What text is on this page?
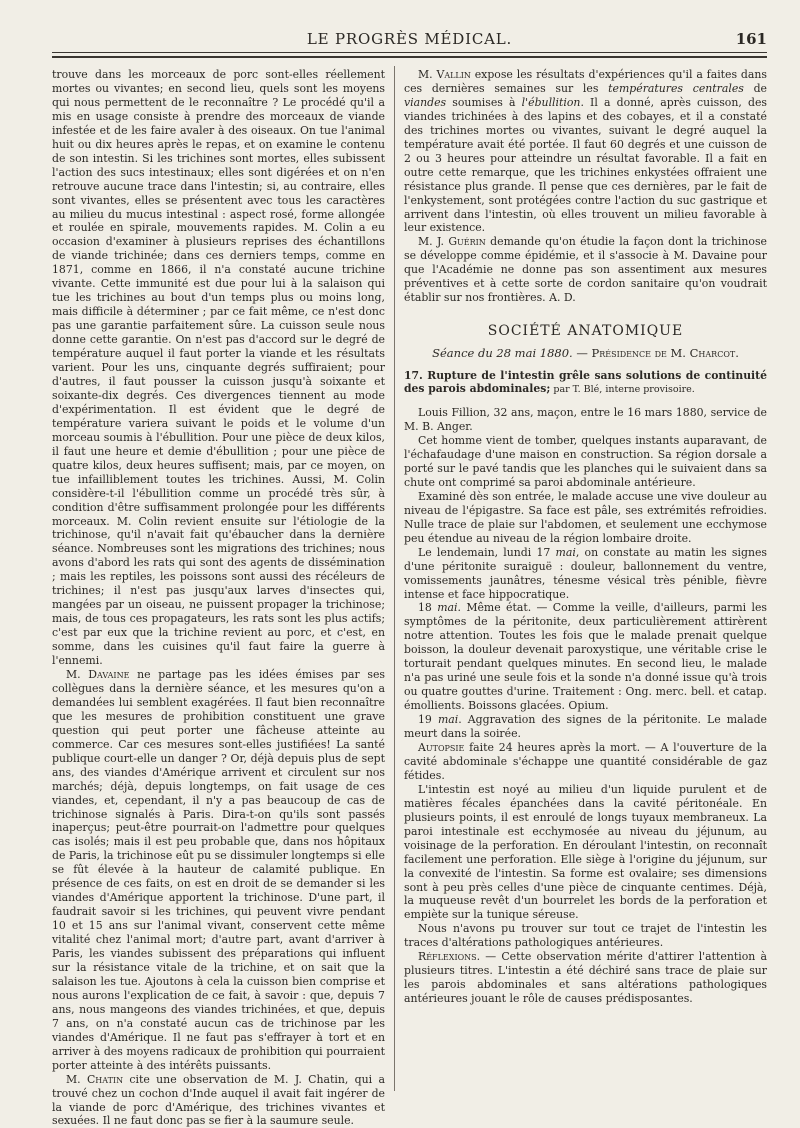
LE PROGRÈS MÉDICAL.	161

trouve dans les morceaux de porc sont-elles réellement mortes ou vivantes; en second lieu, quels sont les moyens qui nous permettent de le reconnaître ? Le procédé qu'il a mis en usage consiste à prendre des morceaux de viande infestée et de les faire avaler à des oiseaux. On tue l'animal huit ou dix heures après le repas, et on examine le contenu de son intestin. Si les trichines sont mortes, elles subissent l'action des sucs intestinaux; elles sont digérées et on n'en retrouve aucune trace dans l'intestin; si, au contraire, elles sont vivantes, elles se présentent avec tous les caractères au milieu du mucus intestinal : aspect rosé, forme allongée et roulée en spirale, mouvements rapides. M. Colin a eu occasion d'examiner à plusieurs reprises des échantillons de viande trichinée; dans ces derniers temps, comme en 1871, comme en 1866, il n'a constaté aucune trichine vivante. Cette immunité est due pour lui à la salaison qui tue les trichines au bout d'un temps plus ou moins long, mais difficile à déterminer ; par ce fait même, ce n'est donc pas une garantie parfaitement sûre. La cuisson seule nous donne cette garantie. On n'est pas d'accord sur le degré de température auquel il faut porter la viande et les résultats varient. Pour les uns, cinquante degrés suffiraient; pour d'autres, il faut pousser la cuisson jusqu'à soixante et soixante-dix degrés. Ces divergences tiennent au mode d'expérimentation. Il est évident que le degré de température variera suivant le poids et le volume d'un morceau soumis à l'ébullition. Pour une pièce de deux kilos, il faut une heure et demie d'ébullition ; pour une pièce de quatre kilos, deux heures suffisent; mais, par ce moyen, on tue infailliblement toutes les trichines. Aussi, M. Colin considère-t-il l'ébullition comme un procédé très sûr, à condition d'être suffisamment prolongée pour les différents morceaux. M. Colin revient ensuite sur l'étiologie de la trichinose, qu'il n'avait fait qu'ébaucher dans la dernière séance. Nombreuses sont les migrations des trichines; nous avons d'abord les rats qui sont des agents de dissémination ; mais les reptiles, les poissons sont aussi des récéleurs de trichines; il n'est pas jusqu'aux larves d'insectes qui, mangées par un oiseau, ne puissent propager la trichinose; mais, de tous ces propagateurs, les rats sont les plus actifs; c'est par eux que la trichine revient au porc, et c'est, en somme, dans les cuisines qu'il faut faire la guerre à l'ennemi.

M. Davaine ne partage pas les idées émises par ses collègues dans la dernière séance, et les mesures qu'on a demandées lui semblent exagérées. Il faut bien reconnaître que les mesures de prohibition constituent une grave question qui peut porter une fâcheuse atteinte au commerce. Car ces mesures sont-elles justifiées! La santé publique court-elle un danger ? Or, déjà depuis plus de sept ans, des viandes d'Amérique arrivent et circulent sur nos marchés; déjà, depuis longtemps, on fait usage de ces viandes, et, cependant, il n'y a pas beaucoup de cas de trichinose signalés à Paris. Dira-t-on qu'ils sont passés inaperçus; peut-être pourrait-on l'admettre pour quelques cas isolés; mais il est peu probable que, dans nos hôpitaux de Paris, la trichinose eût pu se dissimuler longtemps si elle se fût élevée à la hauteur de calamité publique. En présence de ces faits, on est en droit de se demander si les viandes d'Amérique apportent la trichinose. D'une part, il faudrait savoir si les trichines, qui peuvent vivre pendant 10 et 15 ans sur l'animal vivant, conservent cette même vitalité chez l'animal mort; d'autre part, avant d'arriver à Paris, les viandes subissent des préparations qui influent sur la résistance vitale de la trichine, et on sait que la salaison les tue. Ajoutons à cela la cuisson bien comprise et nous aurons l'explication de ce fait, à savoir : que, depuis 7 ans, nous mangeons des viandes trichinées, et que, depuis 7 ans, on n'a constaté aucun cas de trichinose par les viandes d'Amérique. Il ne faut pas s'effrayer à tort et en arriver à des moyens radicaux de prohibition qui pourraient porter atteinte à des intérêts puissants.

M. Chatin cite une observation de M. J. Chatin, qui a trouvé chez un cochon d'Inde auquel il avait fait ingérer de la viande de porc d'Amérique, des trichines vivantes et sexuées. Il ne faut donc pas se fier à la saumure seule.

M. Vallin expose les résultats d'expériences qu'il a faites dans ces dernières semaines sur les températures centrales de viandes soumises à l'ébullition. Il a donné, après cuisson, des viandes trichinées à des lapins et des cobayes, et il a constaté des trichines mortes ou vivantes, suivant le degré auquel la température avait été portée. Il faut 60 degrés et une cuisson de 2 ou 3 heures pour atteindre un résultat favorable. Il a fait en outre cette remarque, que les trichines enkystées offraient une résistance plus grande. Il pense que ces dernières, par le fait de l'enkystement, sont protégées contre l'action du suc gastrique et arrivent dans l'intestin, où elles trouvent un milieu favorable à leur existence.

M. J. Guérin demande qu'on étudie la façon dont la trichinose se développe comme épidémie, et il s'associe à M. Davaine pour que l'Académie ne donne pas son assentiment aux mesures préventives et à cette sorte de cordon sanitaire qu'on voudrait établir sur nos frontières. A. D.

SOCIÉTÉ ANATOMIQUE
Séance du 28 mai 1880. — Présidence de M. Charcot.

17. Rupture de l'intestin grêle sans solutions de continuité des parois abdominales; par T. Blé, interne provisoire.

Louis Fillion, 32 ans, maçon, entre le 16 mars 1880, service de M. B. Anger.

Cet homme vient de tomber, quelques instants auparavant, de l'échafaudage d'une maison en construction. Sa région dorsale a porté sur le pavé tandis que les planches qui le suivaient dans sa chute ont comprimé sa paroi abdominale antérieure.

Examiné dès son entrée, le malade accuse une vive douleur au niveau de l'épigastre. Sa face est pâle, ses extrémités refroidies. Nulle trace de plaie sur l'abdomen, et seulement une ecchymose peu étendue au niveau de la région lombaire droite.

Le lendemain, lundi 17 mai, on constate au matin les signes d'une péritonite suraiguë : douleur, ballonnement du ventre, vomissements jaunâtres, ténesme vésical très pénible, fièvre intense et face hippocratique.

18 mai. Même état. — Comme la veille, d'ailleurs, parmi les symptômes de la péritonite, deux particulièrement attirèrent notre attention. Toutes les fois que le malade prenait quelque boisson, la douleur devenait paroxystique, une véritable crise le torturait pendant quelques minutes. En second lieu, le malade n'a pas uriné une seule fois et la sonde n'a donné issue qu'à trois ou quatre gouttes d'urine. Traitement : Ong. merc. bell. et catap. émollients. Boissons glacées. Opium.

19 mai. Aggravation des signes de la péritonite. Le malade meurt dans la soirée.

Autopsie faite 24 heures après la mort. — A l'ouverture de la cavité abdominale s'échappe une quantité considérable de gaz fétides.

L'intestin est noyé au milieu d'un liquide purulent et de matières fécales épanchées dans la cavité péritonéale. En plusieurs points, il est enroulé de longs tuyaux membraneux. La paroi intestinale est ecchymosée au niveau du jéjunum, au voisinage de la perforation. En déroulant l'intestin, on reconnaît facilement une perforation. Elle siège à l'origine du jéjunum, sur la convexité de l'intestin. Sa forme est ovalaire; ses dimensions sont à peu près celles d'une pièce de cinquante centimes. Déjà, la muqueuse revêt d'un bourrelet les bords de la perforation et empiète sur la tunique séreuse.

Nous n'avons pu trouver sur tout ce trajet de l'intestin les traces d'altérations pathologiques antérieures.

Réflexions. — Cette observation mérite d'attirer l'attention à plusieurs titres. L'intestin a été déchiré sans trace de plaie sur les parois abdominales et sans altérations pathologiques antérieures jouant le rôle de causes prédisposantes.
